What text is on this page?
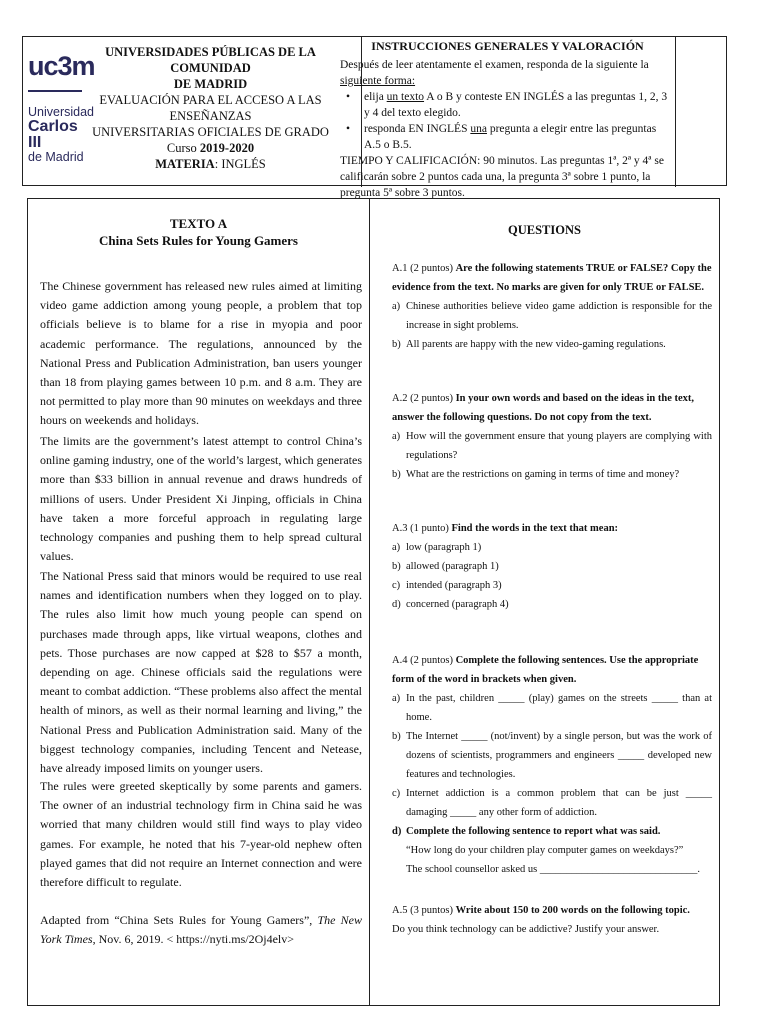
uc3m
Universidad
Carlos III
de Madrid
UNIVERSIDADES PÚBLICAS DE LA COMUNIDAD
DE MADRID
EVALUACIÓN PARA EL ACCESO A LAS ENSEÑANZAS
UNIVERSITARIAS OFICIALES DE GRADO
Curso 2019-2020
MATERIA: INGLÉS
INSTRUCCIONES GENERALES Y VALORACIÓN
Después de leer atentamente el examen, responda de la siguiente la siguiente forma:
• elija un texto A o B y conteste EN INGLÉS a las preguntas 1, 2, 3 y 4 del texto elegido.
• responda EN INGLÉS una pregunta a elegir entre las preguntas A.5 o B.5.
TIEMPO Y CALIFICACIÓN: 90 minutos. Las preguntas 1ª, 2ª y 4ª se calificarán sobre 2 puntos cada una, la pregunta 3ª sobre 1 punto, la pregunta 5ª sobre 3 puntos.
TEXTO A
China Sets Rules for Young Gamers

The Chinese government has released new rules aimed at limiting video game addiction among young people, a problem that top officials believe is to blame for a rise in myopia and poor academic performance. The regulations, announced by the National Press and Publication Administration, ban users younger than 18 from playing games between 10 p.m. and 8 a.m. They are not permitted to play more than 90 minutes on weekdays and three hours on weekends and holidays.

The limits are the government’s latest attempt to control China’s online gaming industry, one of the world’s largest, which generates more than $33 billion in annual revenue and draws hundreds of millions of users. Under President Xi Jinping, officials in China have taken a more forceful approach in regulating large technology companies and pushing them to help spread cultural values.

The National Press said that minors would be required to use real names and identification numbers when they logged on to play. The rules also limit how much young people can spend on purchases made through apps, like virtual weapons, clothes and pets. Those purchases are now capped at $28 to $57 a month, depending on age. Chinese officials said the regulations were meant to combat addiction. “These problems also affect the mental health of minors, as well as their normal learning and living,” the National Press and Publication Administration said. Many of the biggest technology companies, including Tencent and Netease, have already imposed limits on younger users.

The rules were greeted skeptically by some parents and gamers. The owner of an industrial technology firm in China said he was worried that many children would still find ways to play video games. For example, he noted that his 7-year-old nephew often played games that did not require an Internet connection and were therefore difficult to regulate.

Adapted from “China Sets Rules for Young Gamers”, The New York Times, Nov. 6, 2019. < https://nyti.ms/2Oj4elv>

QUESTIONS
A.1 (2 puntos) Are the following statements TRUE or FALSE? Copy the evidence from the text. No marks are given for only TRUE or FALSE.
a) Chinese authorities believe video game addiction is responsible for the increase in sight problems.
b) All parents are happy with the new video-gaming regulations.
A.2 (2 puntos) In your own words and based on the ideas in the text, answer the following questions. Do not copy from the text.
a) How will the government ensure that young players are complying with regulations?
b) What are the restrictions on gaming in terms of time and money?
A.3 (1 punto) Find the words in the text that mean:
a) low (paragraph 1)
b) allowed (paragraph 1)
c) intended (paragraph 3)
d) concerned (paragraph 4)
A.4 (2 puntos) Complete the following sentences. Use the appropriate form of the word in brackets when given.
a) In the past, children _____ (play) games on the streets _____ than at home.
b) The Internet _____ (not/invent) by a single person, but was the work of dozens of scientists, programmers and engineers _____ developed new features and technologies.
c) Internet addiction is a common problem that can be just _____ damaging _____ any other form of addiction.
d) Complete the following sentence to report what was said.
“How long do your children play computer games on weekdays?”
The school counsellor asked us ______________________________.
A.5 (3 puntos) Write about 150 to 200 words on the following topic.
Do you think technology can be addictive? Justify your answer.
